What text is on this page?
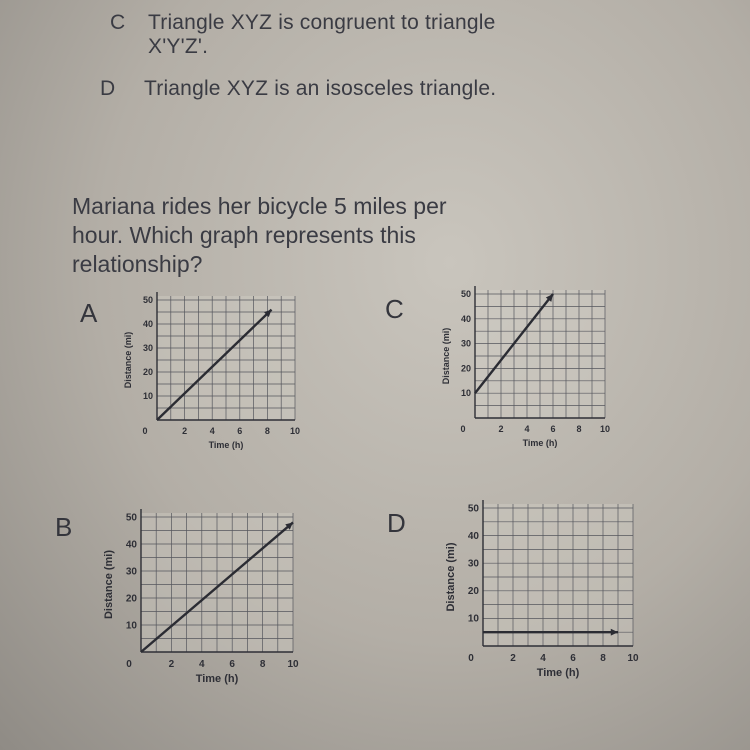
C Triangle XYZ is congruent to triangle
X'Y'Z'.
D Triangle XYZ is an isosceles triangle.
Mariana rides her bicycle 5 miles per
hour. Which graph represents this
relationship?
A	C
B	D
0	2	4	6	8 10
10
20
30
40
50
Time (h)
Distance (mi)
0	2 4 6 8 10
10
20
30
40
50
Time (h)
Distance (mi)
0	2 4 6 8 10
10
20
30
40
50
Time (h)
Distance (mi)
0	2 4 6 8 10
10
20
30
40
50
Time (h)
Distance (mi)
